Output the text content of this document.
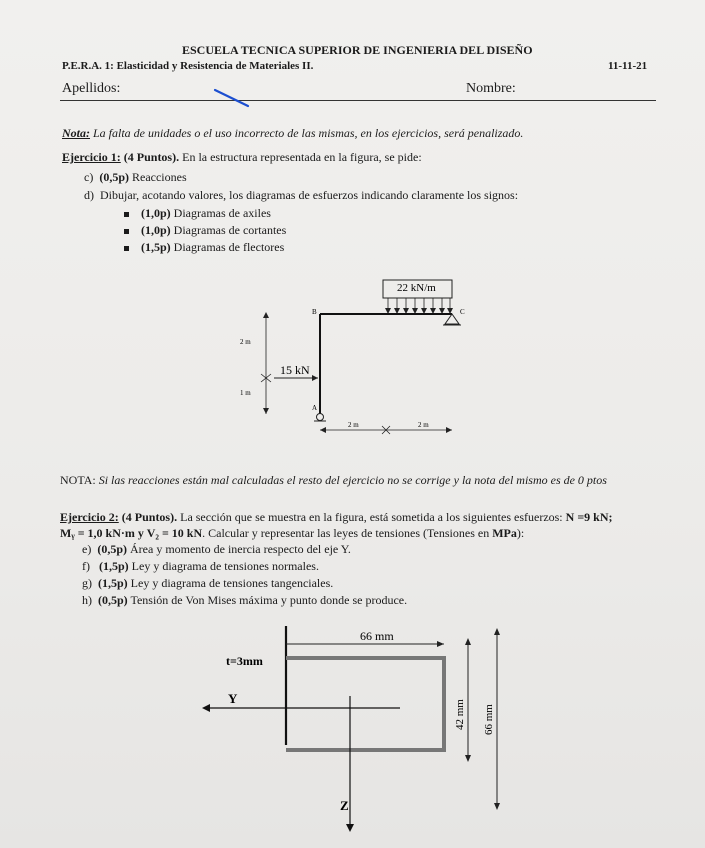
ESCUELA TECNICA SUPERIOR DE INGENIERIA DEL DISEÑO
P.E.R.A. 1: Elasticidad y Resistencia de Materiales II.	11-11-21
Apellidos:	Nombre:
Nota: La falta de unidades o el uso incorrecto de las mismas, en los ejercicios, será penalizado.
Ejercicio 1: (4 Puntos). En la estructura representada en la figura, se pide:
c) (0,5p) Reacciones
d) Dibujar, acotando valores, los diagramas de esfuerzos indicando claramente los signos:
(1,0p) Diagramas de axiles
(1,0p) Diagramas de cortantes
(1,5p) Diagramas de flectores
22 kN/m
B	C
A
15 kN
2 m
1 m
2 m	2 m
NOTA: Si las reacciones están mal calculadas el resto del ejercicio no se corrige y la nota del mismo es de 0 ptos
Ejercicio 2: (4 Puntos). La sección que se muestra en la figura, está sometida a los siguientes esfuerzos: N =9 kN;
Mᵧ = 1,0 kN·m y V₂ = 10 kN. Calcular y representar las leyes de tensiones (Tensiones en MPa):
e) (0,5p) Área y momento de inercia respecto del eje Y.
f) (1,5p) Ley y diagrama de tensiones normales.
g) (1,5p) Ley y diagrama de tensiones tangenciales.
h) (0,5p) Tensión de Von Mises máxima y punto donde se produce.
66 mm
t=3mm
Y
Z
42 mm 66 mm
